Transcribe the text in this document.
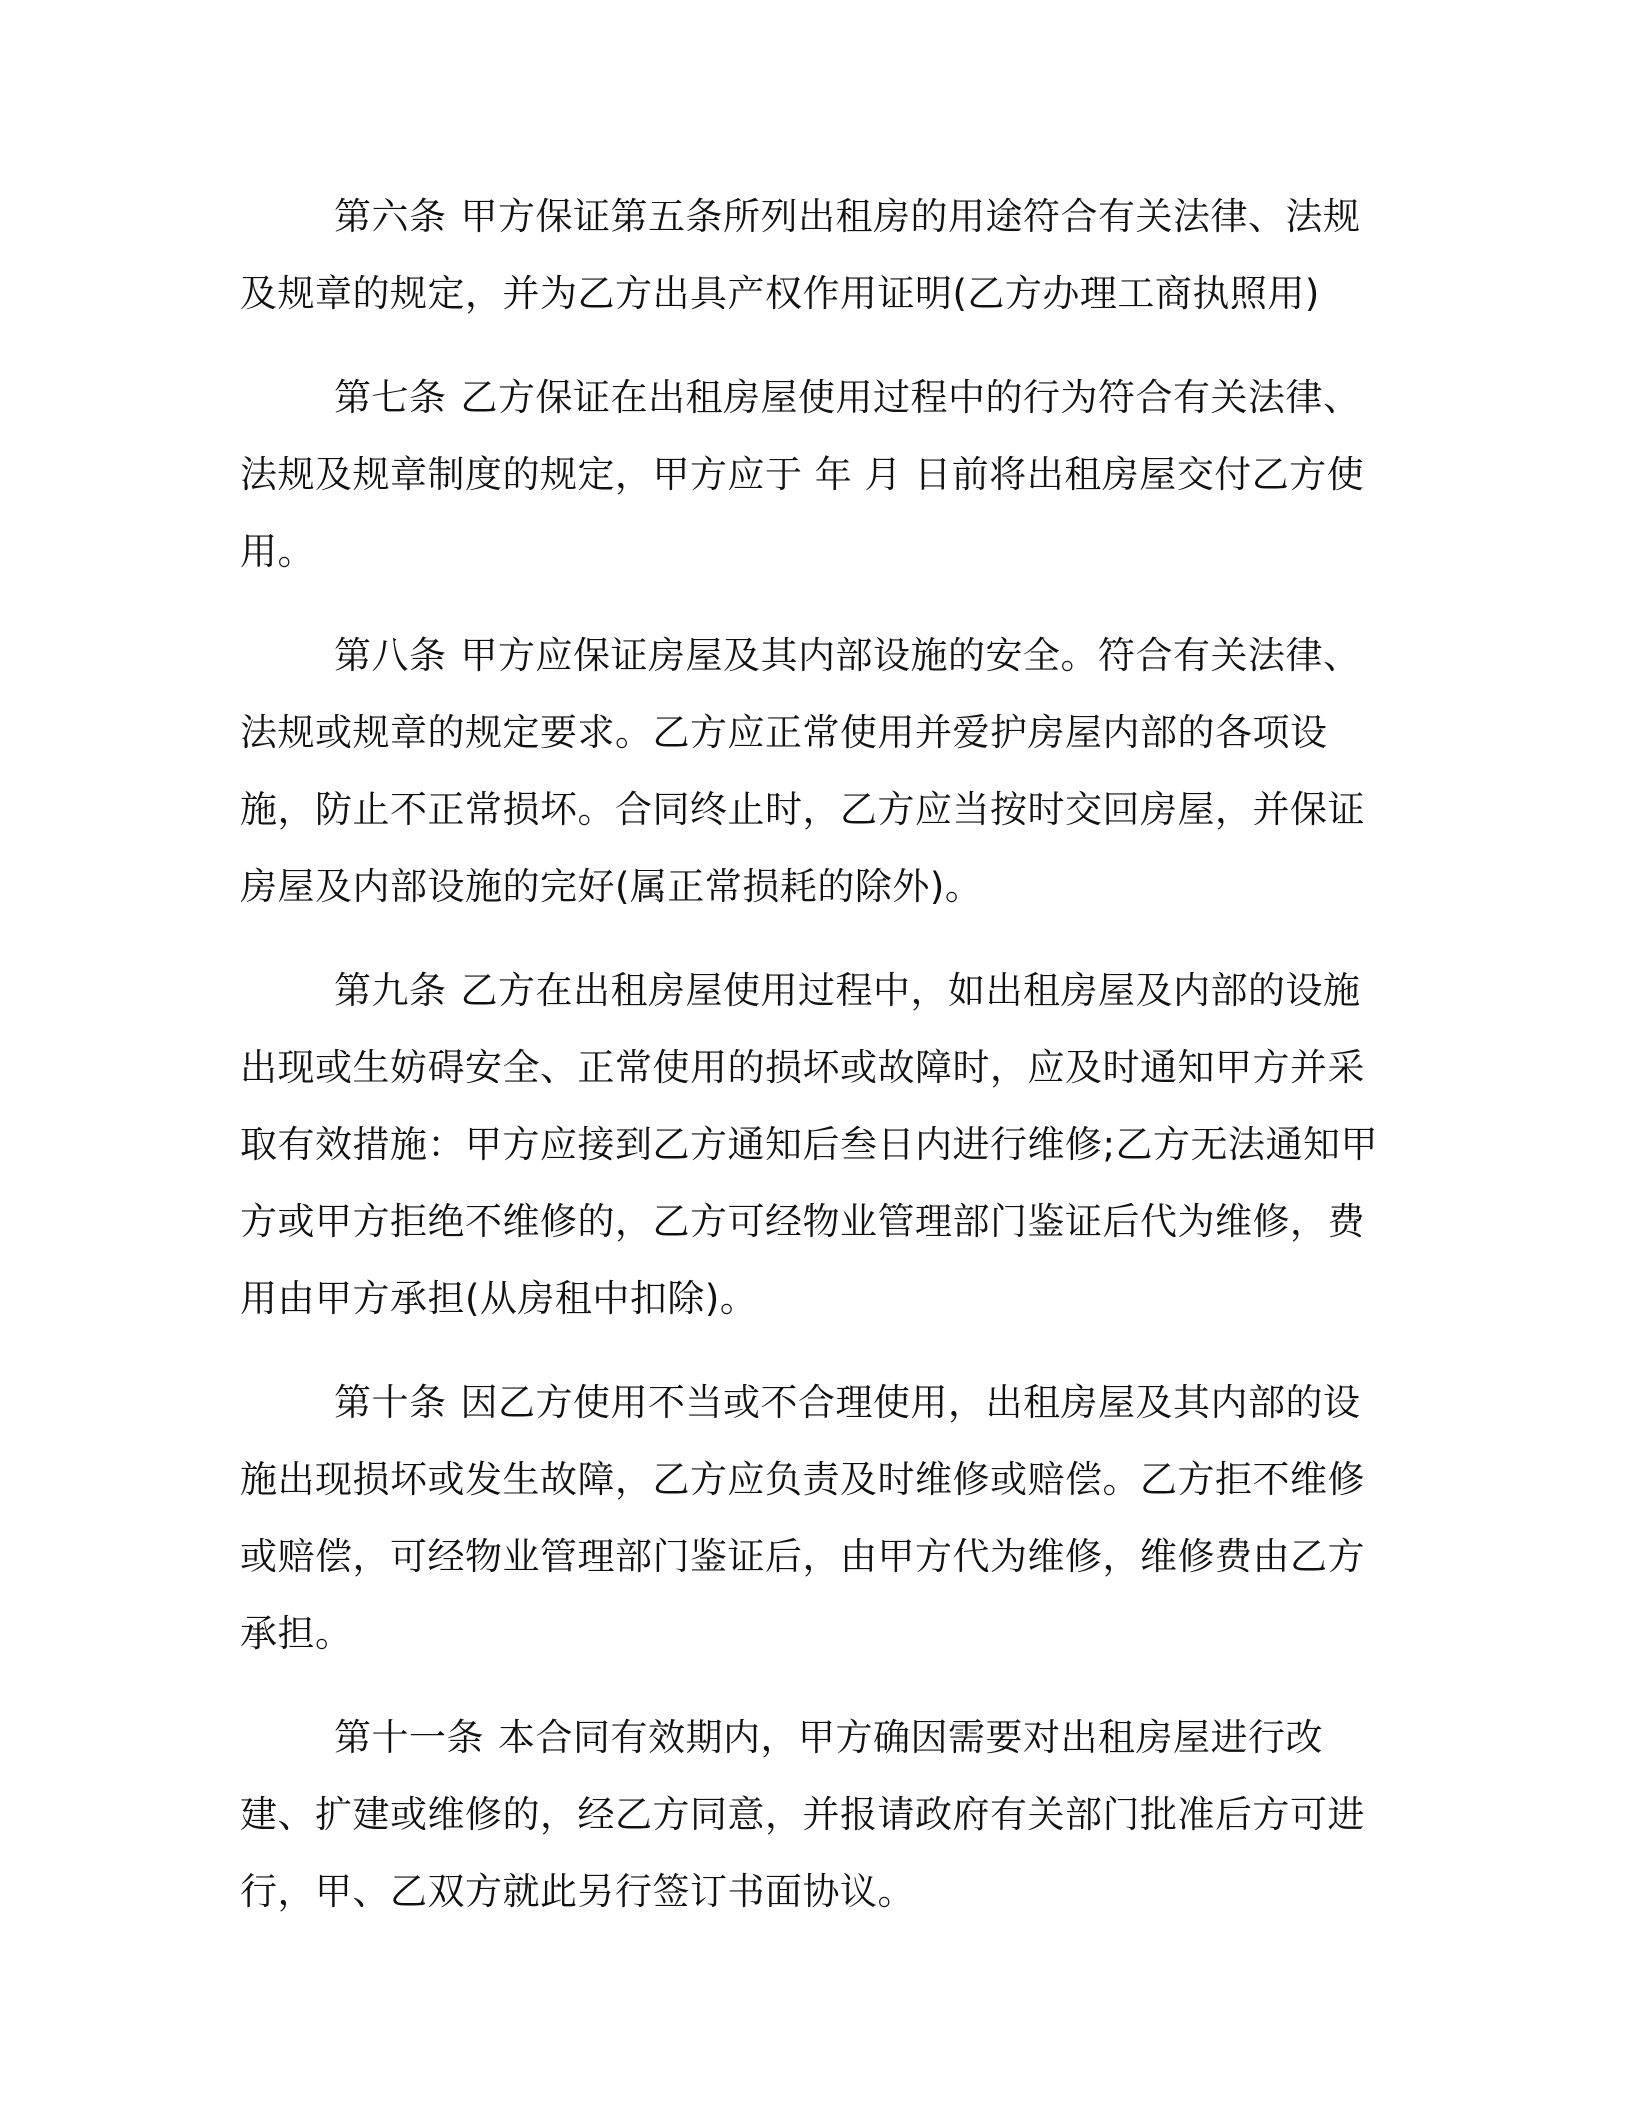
第六条 甲方保证第五条所列出租房的用途符合有关法律、法规及规章的规定，并为乙方出具产权作用证明(乙方办理工商执照用)

第七条 乙方保证在出租房屋使用过程中的行为符合有关法律、法规及规章制度的规定，甲方应于 年 月 日前将出租房屋交付乙方使用。

第八条 甲方应保证房屋及其内部设施的安全。符合有关法律、法规或规章的规定要求。乙方应正常使用并爱护房屋内部的各项设施，防止不正常损坏。合同终止时，乙方应当按时交回房屋，并保证房屋及内部设施的完好(属正常损耗的除外)。

第九条 乙方在出租房屋使用过程中，如出租房屋及内部的设施出现或生妨碍安全、正常使用的损坏或故障时，应及时通知甲方并采取有效措施：甲方应接到乙方通知后叁日内进行维修;乙方无法通知甲方或甲方拒绝不维修的，乙方可经物业管理部门鉴证后代为维修，费用由甲方承担(从房租中扣除)。

第十条 因乙方使用不当或不合理使用，出租房屋及其内部的设施出现损坏或发生故障，乙方应负责及时维修或赔偿。乙方拒不维修或赔偿，可经物业管理部门鉴证后，由甲方代为维修，维修费由乙方承担。

第十一条 本合同有效期内，甲方确因需要对出租房屋进行改建、扩建或维修的，经乙方同意，并报请政府有关部门批准后方可进行，甲、乙双方就此另行签订书面协议。
